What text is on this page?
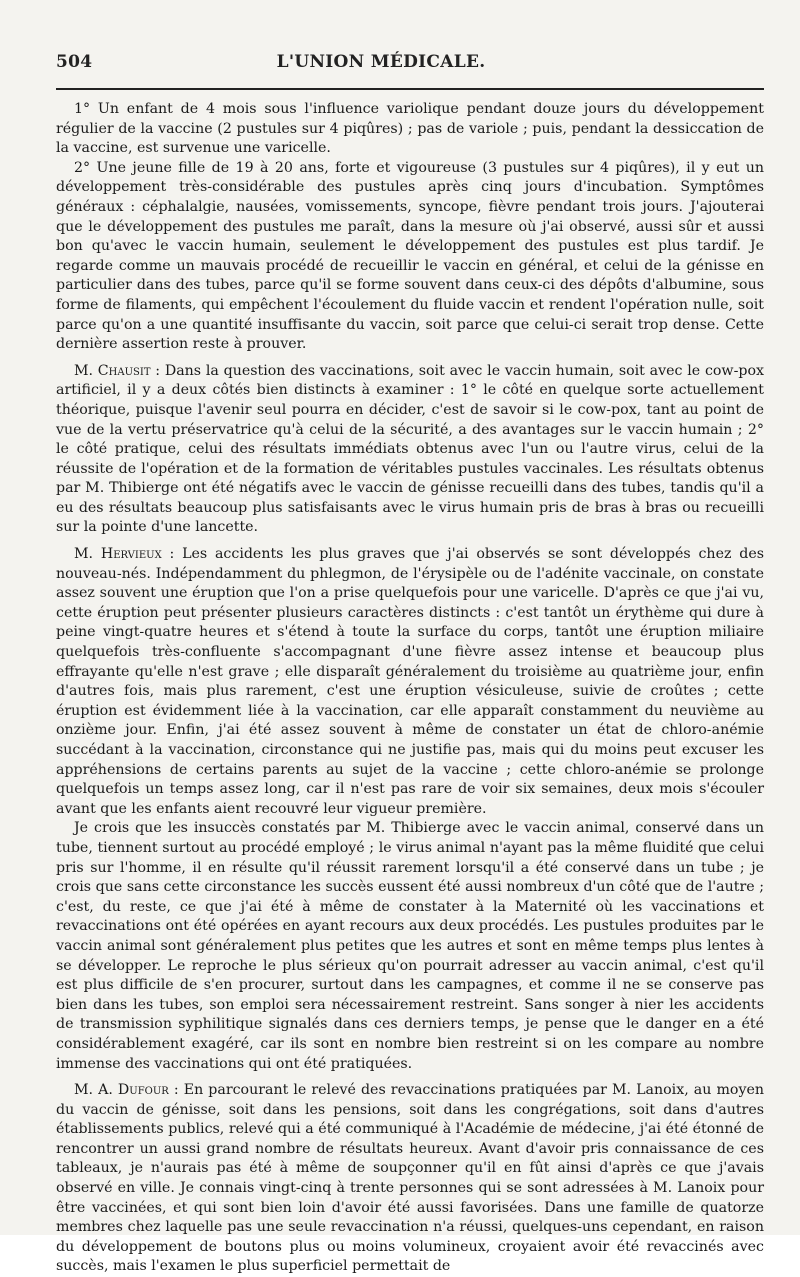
504	L'UNION MÉDICALE.

1° Un enfant de 4 mois sous l'influence variolique pendant douze jours du développement régulier de la vaccine (2 pustules sur 4 piqûres) ; pas de variole ; puis, pendant la dessiccation de la vaccine, est survenue une varicelle.

2° Une jeune fille de 19 à 20 ans, forte et vigoureuse (3 pustules sur 4 piqûres), il y eut un développement très-considérable des pustules après cinq jours d'incubation. Symptômes généraux : céphalalgie, nausées, vomissements, syncope, fièvre pendant trois jours. J'ajouterai que le développement des pustules me paraît, dans la mesure où j'ai observé, aussi sûr et aussi bon qu'avec le vaccin humain, seulement le développement des pustules est plus tardif. Je regarde comme un mauvais procédé de recueillir le vaccin en général, et celui de la génisse en particulier dans des tubes, parce qu'il se forme souvent dans ceux-ci des dépôts d'albumine, sous forme de filaments, qui empêchent l'écoulement du fluide vaccin et rendent l'opération nulle, soit parce qu'on a une quantité insuffisante du vaccin, soit parce que celui-ci serait trop dense. Cette dernière assertion reste à prouver.

M. Chausit : Dans la question des vaccinations, soit avec le vaccin humain, soit avec le cow-pox artificiel, il y a deux côtés bien distincts à examiner : 1° le côté en quelque sorte actuellement théorique, puisque l'avenir seul pourra en décider, c'est de savoir si le cow-pox, tant au point de vue de la vertu préservatrice qu'à celui de la sécurité, a des avantages sur le vaccin humain ; 2° le côté pratique, celui des résultats immédiats obtenus avec l'un ou l'autre virus, celui de la réussite de l'opération et de la formation de véritables pustules vaccinales. Les résultats obtenus par M. Thibierge ont été négatifs avec le vaccin de génisse recueilli dans des tubes, tandis qu'il a eu des résultats beaucoup plus satisfaisants avec le virus humain pris de bras à bras ou recueilli sur la pointe d'une lancette.

M. Hervieux : Les accidents les plus graves que j'ai observés se sont développés chez des nouveau-nés. Indépendamment du phlegmon, de l'érysipèle ou de l'adénite vaccinale, on constate assez souvent une éruption que l'on a prise quelquefois pour une varicelle. D'après ce que j'ai vu, cette éruption peut présenter plusieurs caractères distincts : c'est tantôt un érythème qui dure à peine vingt-quatre heures et s'étend à toute la surface du corps, tantôt une éruption miliaire quelquefois très-confluente s'accompagnant d'une fièvre assez intense et beaucoup plus effrayante qu'elle n'est grave ; elle disparaît généralement du troisième au quatrième jour, enfin d'autres fois, mais plus rarement, c'est une éruption vésiculeuse, suivie de croûtes ; cette éruption est évidemment liée à la vaccination, car elle apparaît constamment du neuvième au onzième jour. Enfin, j'ai été assez souvent à même de constater un état de chloro-anémie succédant à la vaccination, circonstance qui ne justifie pas, mais qui du moins peut excuser les appréhensions de certains parents au sujet de la vaccine ; cette chloro-anémie se prolonge quelquefois un temps assez long, car il n'est pas rare de voir six semaines, deux mois s'écouler avant que les enfants aient recouvré leur vigueur première.

Je crois que les insuccès constatés par M. Thibierge avec le vaccin animal, conservé dans un tube, tiennent surtout au procédé employé ; le virus animal n'ayant pas la même fluidité que celui pris sur l'homme, il en résulte qu'il réussit rarement lorsqu'il a été conservé dans un tube ; je crois que sans cette circonstance les succès eussent été aussi nombreux d'un côté que de l'autre ; c'est, du reste, ce que j'ai été à même de constater à la Maternité où les vaccinations et revaccinations ont été opérées en ayant recours aux deux procédés. Les pustules produites par le vaccin animal sont généralement plus petites que les autres et sont en même temps plus lentes à se développer. Le reproche le plus sérieux qu'on pourrait adresser au vaccin animal, c'est qu'il est plus difficile de s'en procurer, surtout dans les campagnes, et comme il ne se conserve pas bien dans les tubes, son emploi sera nécessairement restreint. Sans songer à nier les accidents de transmission syphilitique signalés dans ces derniers temps, je pense que le danger en a été considérablement exagéré, car ils sont en nombre bien restreint si on les compare au nombre immense des vaccinations qui ont été pratiquées.

M. A. Dufour : En parcourant le relevé des revaccinations pratiquées par M. Lanoix, au moyen du vaccin de génisse, soit dans les pensions, soit dans les congrégations, soit dans d'autres établissements publics, relevé qui a été communiqué à l'Académie de médecine, j'ai été étonné de rencontrer un aussi grand nombre de résultats heureux. Avant d'avoir pris connaissance de ces tableaux, je n'aurais pas été à même de soupçonner qu'il en fût ainsi d'après ce que j'avais observé en ville. Je connais vingt-cinq à trente personnes qui se sont adressées à M. Lanoix pour être vaccinées, et qui sont bien loin d'avoir été aussi favorisées. Dans une famille de quatorze membres chez laquelle pas une seule revaccination n'a réussi, quelques-uns cependant, en raison du développement de boutons plus ou moins volumineux, croyaient avoir été revaccinés avec succès, mais l'examen le plus superficiel permettait de
